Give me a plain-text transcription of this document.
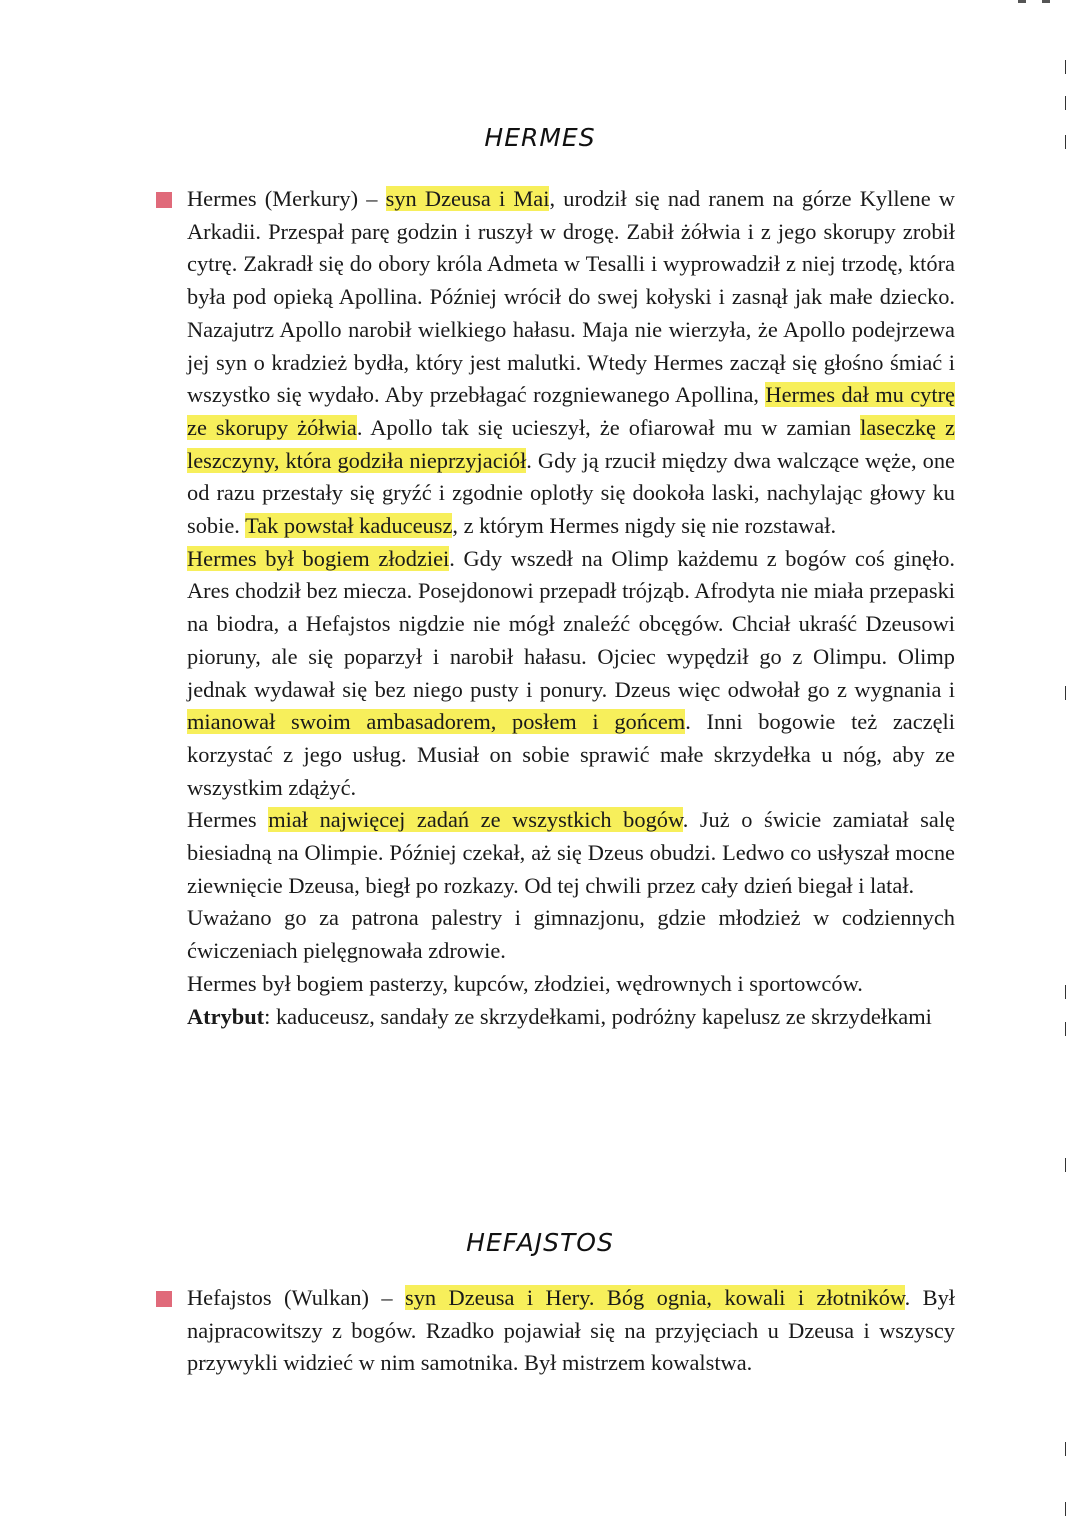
HERMES

Hermes (Merkury) – syn Dzeusa i Mai, urodził się nad ranem na górze Kyllene w Arkadii. Przespał parę godzin i ruszył w drogę. Zabił żółwia i z jego skorupy zrobił cytrę. Zakradł się do obory króla Admeta w Tesalli i wyprowadził z niej trzodę, która była pod opieką Apollina. Później wrócił do swej kołyski i zasnął jak małe dziecko. Nazajutrz Apollo narobił wielkiego hałasu. Maja nie wierzyła, że Apollo podejrzewa jej syn o kradzież bydła, który jest malutki. Wtedy Hermes zaczął się głośno śmiać i wszystko się wydało. Aby przebłagać rozgniewanego Apollina, Hermes dał mu cytrę ze skorupy żółwia. Apollo tak się ucieszył, że ofiarował mu w zamian laseczkę z leszczyny, która godziła nieprzyjaciół. Gdy ją rzucił między dwa walczące węże, one od razu przestały się gryźć i zgodnie oplotły się dookoła laski, nachylając głowy ku sobie. Tak powstał kaduceusz, z którym Hermes nigdy się nie rozstawał.

Hermes był bogiem złodziei. Gdy wszedł na Olimp każdemu z bogów coś ginęło. Ares chodził bez miecza. Posejdonowi przepadł trójząb. Afrodyta nie miała przepaski na biodra, a Hefajstos nigdzie nie mógł znaleźć obcęgów. Chciał ukraść Dzeusowi pioruny, ale się poparzył i narobił hałasu. Ojciec wypędził go z Olimpu. Olimp jednak wydawał się bez niego pusty i ponury. Dzeus więc odwołał go z wygnania i mianował swoim ambasadorem, posłem i gońcem. Inni bogowie też zaczęli korzystać z jego usług. Musiał on sobie sprawić małe skrzydełka u nóg, aby ze wszystkim zdążyć.

Hermes miał najwięcej zadań ze wszystkich bogów. Już o świcie zamiatał salę biesiadną na Olimpie. Później czekał, aż się Dzeus obudzi. Ledwo co usłyszał mocne ziewnięcie Dzeusa, biegł po rozkazy. Od tej chwili przez cały dzień biegał i latał.

Uważano go za patrona palestry i gimnazjonu, gdzie młodzież w codziennych ćwiczeniach pielęgnowała zdrowie.

Hermes był bogiem pasterzy, kupców, złodziei, wędrownych i sportowców.

Atrybut: kaduceusz, sandały ze skrzydełkami, podróżny kapelusz ze skrzydełkami

HEFAJSTOS

Hefajstos (Wulkan) – syn Dzeusa i Hery. Bóg ognia, kowali i złotników. Był najpracowitszy z bogów. Rzadko pojawiał się na przyjęciach u Dzeusa i wszyscy przywykli widzieć w nim samotnika. Był mistrzem kowalstwa.
